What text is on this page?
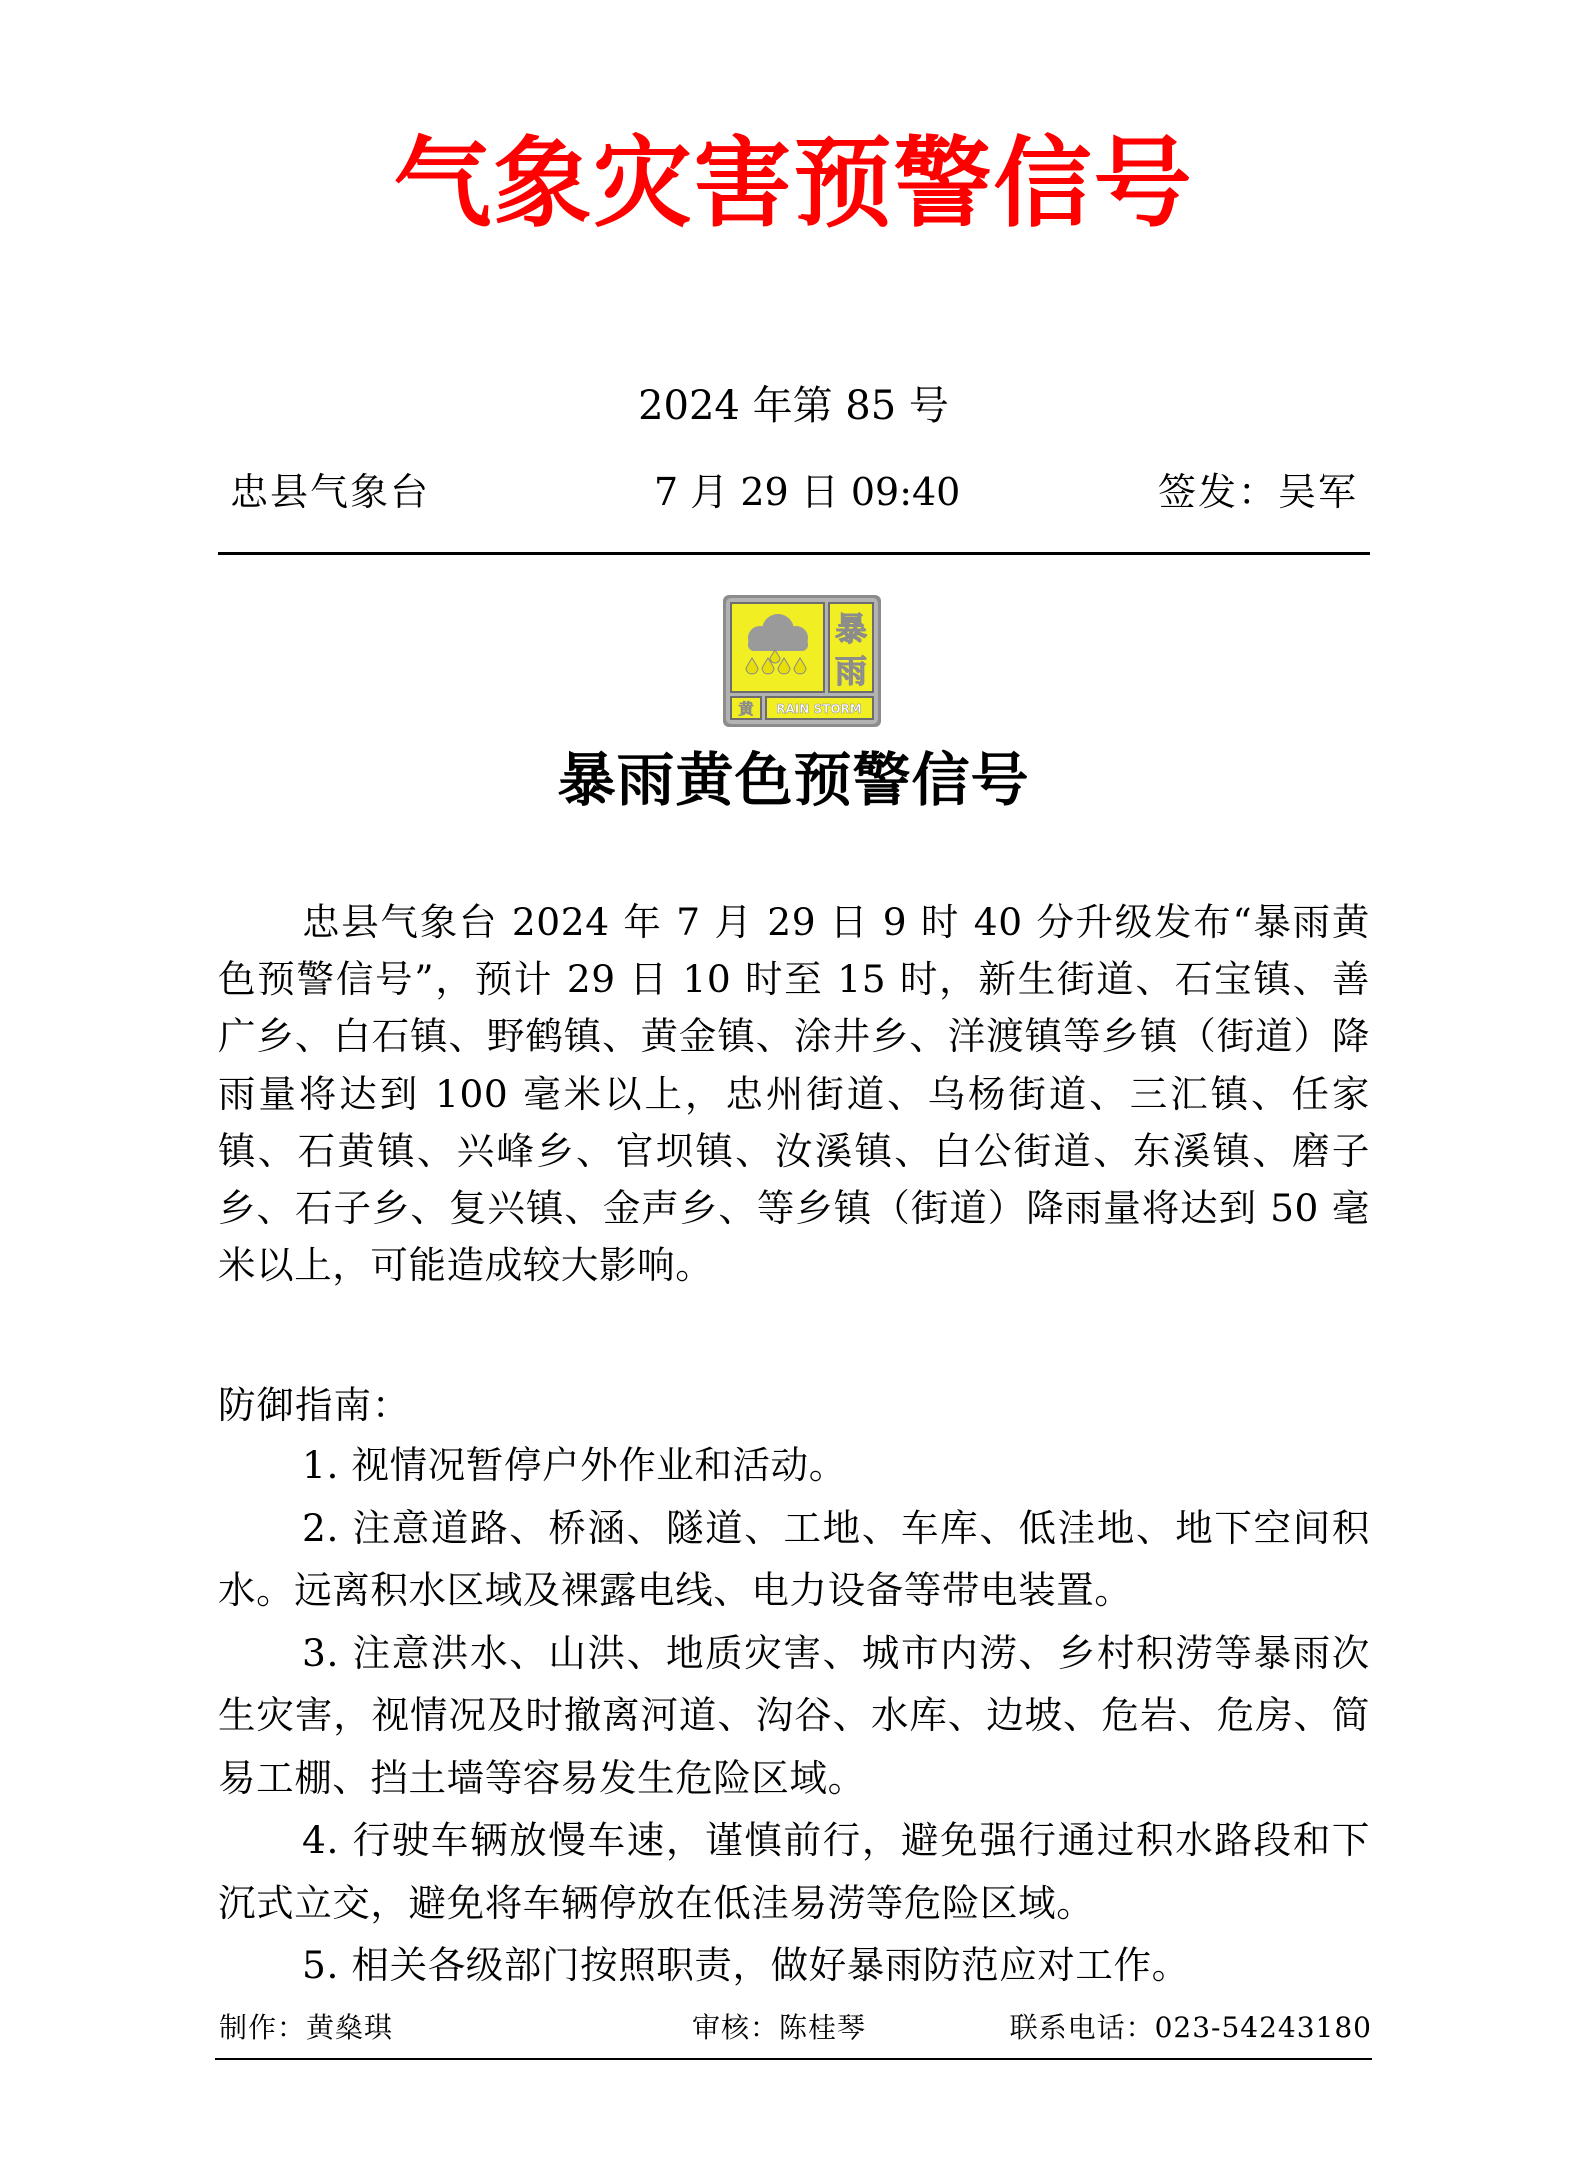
气象灾害预警信号
2024 年第 85 号
忠县气象台	7 月 29 日 09:40	签发：吴军
暴
雨
黄 RAIN STORM
暴雨黄色预警信号

忠县气象台 2024 年 7 月 29 日 9 时 40 分升级发布“暴雨黄色预警信号”，预计 29 日 10 时至 15 时，新生街道、石宝镇、善广乡、白石镇、野鹤镇、黄金镇、涂井乡、洋渡镇等乡镇（街道）降雨量将达到 100 毫米以上，忠州街道、乌杨街道、三汇镇、任家镇、石黄镇、兴峰乡、官坝镇、汝溪镇、白公街道、东溪镇、磨子乡、石子乡、复兴镇、金声乡、等乡镇（街道）降雨量将达到 50 毫米以上，可能造成较大影响。

防御指南：

1. 视情况暂停户外作业和活动。
2. 注意道路、桥涵、隧道、工地、车库、低洼地、地下空间积水。远离积水区域及裸露电线、电力设备等带电装置。
3. 注意洪水、山洪、地质灾害、城市内涝、乡村积涝等暴雨次生灾害，视情况及时撤离河道、沟谷、水库、边坡、危岩、危房、简易工棚、挡土墙等容易发生危险区域。
4. 行驶车辆放慢车速，谨慎前行，避免强行通过积水路段和下沉式立交，避免将车辆停放在低洼易涝等危险区域。
5. 相关各级部门按照职责，做好暴雨防范应对工作。
制作：黄燊琪	审核：陈桂琴	联系电话：023-54243180
